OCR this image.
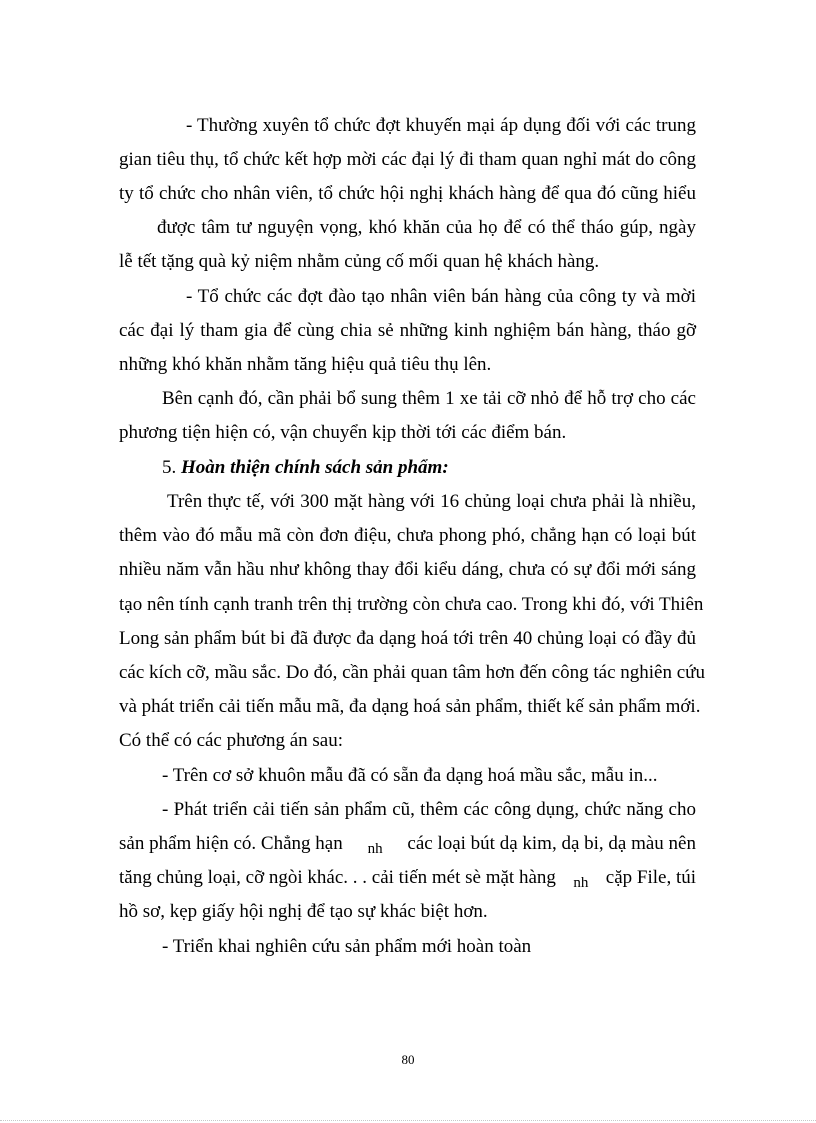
- Thường xuyên tổ chức đợt khuyến mại áp dụng đối với các trung
gian tiêu thụ, tổ chức kết hợp mời các đại lý đi tham quan nghỉ mát do công
ty tổ chức cho nhân viên, tổ chức hội nghị khách hàng để qua đó cũng hiểu
được tâm tư nguyện vọng, khó khăn của họ để có thể tháo gúp, ngày
lễ tết tặng quà kỷ niệm nhằm củng cố mối quan hệ khách hàng.
- Tổ chức các đợt đào tạo nhân viên bán hàng của công ty và mời
các đại lý tham gia để cùng chia sẻ những kinh nghiệm bán hàng, tháo gỡ
những khó khăn nhằm tăng hiệu quả tiêu thụ lên.
Bên cạnh đó, cần phải bổ sung thêm 1 xe tải cỡ nhỏ để hỗ trợ cho các
phương tiện hiện có, vận chuyển kịp thời tới các điểm bán.
5. Hoàn thiện chính sách sản phẩm:
Trên thực tế, với 300 mặt hàng với 16 chủng loại chưa phải là nhiều,
thêm vào đó mẫu mã còn đơn điệu, chưa phong phó, chẳng hạn có loại bút
nhiều năm vẫn hầu như không thay đổi kiểu dáng, chưa có sự đổi mới sáng
tạo nên tính cạnh tranh trên thị trường còn chưa cao. Trong khi đó, với Thiên
Long sản phẩm bút bi đã được đa dạng hoá tới trên 40 chủng loại có đầy đủ
các kích cỡ, mầu sắc. Do đó, cần phải quan tâm hơn đến công tác nghiên cứu
và phát triển cải tiến mẫu mã, đa dạng hoá sản phẩm, thiết kế sản phẩm mới.
Có thể có các phương án sau:
- Trên cơ sở khuôn mẫu đã có sẵn đa dạng hoá mầu sắc, mẫu in...
- Phát triển cải tiến sản phẩm cũ, thêm các công dụng, chức năng cho
sản phẩm hiện có. Chẳng hạn nh các loại bút dạ kim, dạ bi, dạ màu nên
tăng chủng loại, cỡ ngòi khác. . . cải tiến mét sè mặt hàng nh cặp File, túi
hồ sơ, kẹp giấy hội nghị để tạo sự khác biệt hơn.
- Triển khai nghiên cứu sản phẩm mới hoàn toàn
80
